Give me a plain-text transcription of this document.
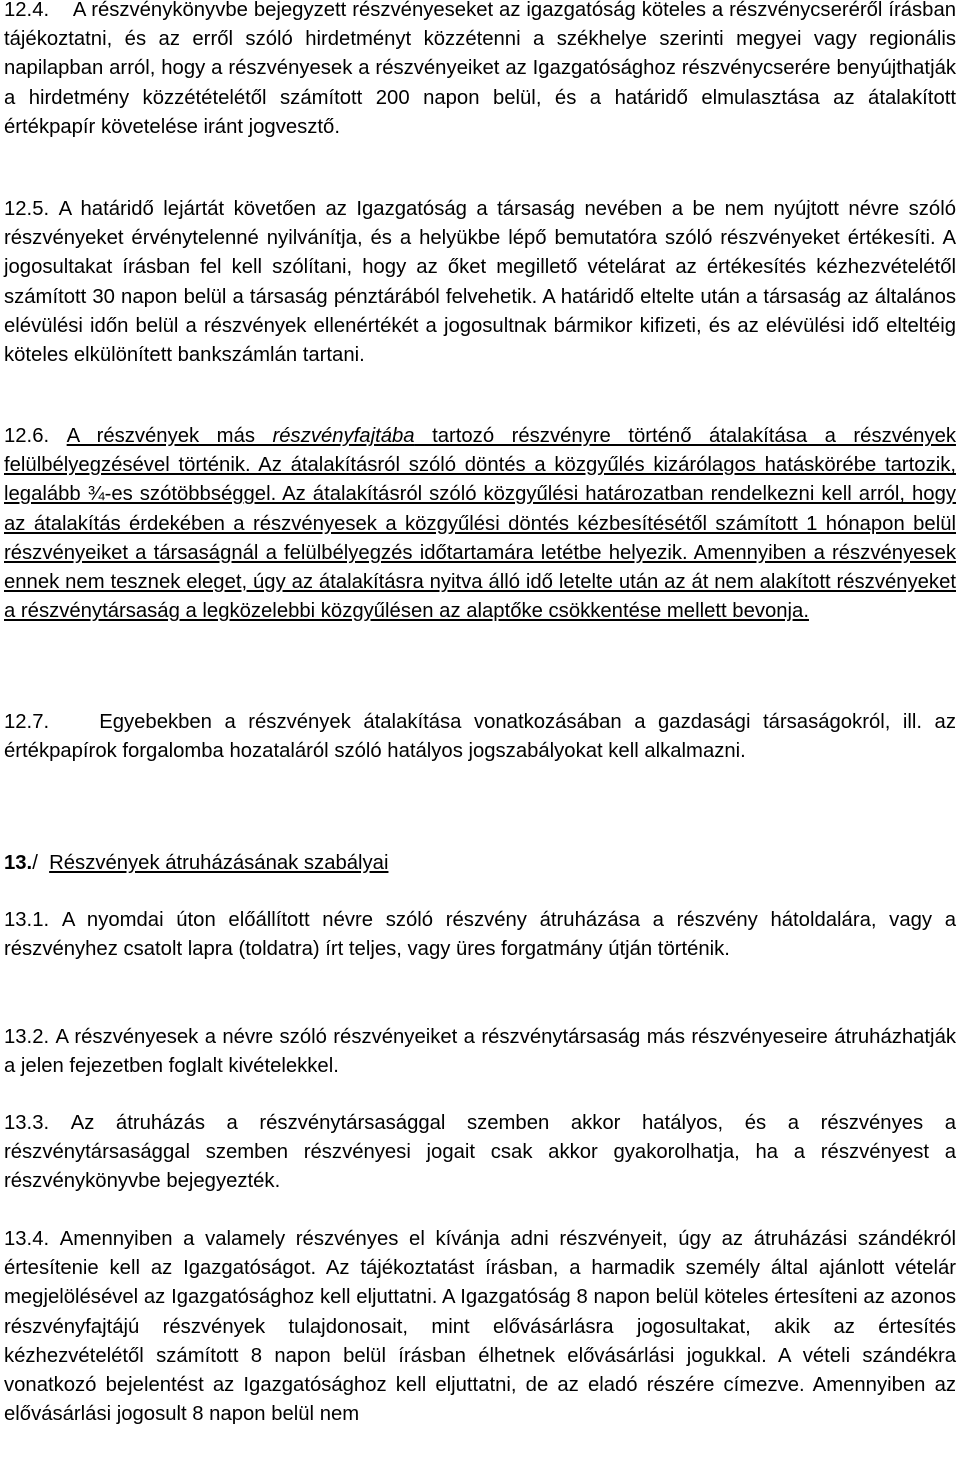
12.4. A részvénykönyvbe bejegyzett részvényeseket az igazgatóság köteles a részvénycseréről írásban tájékoztatni, és az erről szóló hirdetményt közzétenni a székhelye szerinti megyei vagy regionális napilapban arról, hogy a részvényesek a részvényeiket az Igazgatósághoz részvénycserére benyújthatják a hirdetmény közzétételétől számított 200 napon belül, és a határidő elmulasztása az átalakított értékpapír követelése iránt jogvesztő.

12.5. A határidő lejártát követően az Igazgatóság a társaság nevében a be nem nyújtott névre szóló részvényeket érvénytelenné nyilvánítja, és a helyükbe lépő bemutatóra szóló részvényeket értékesíti. A jogosultakat írásban fel kell szólítani, hogy az őket megillető vételárat az értékesítés kézhezvételétől számított 30 napon belül a társaság pénztárából felvehetik. A határidő eltelte után a társaság az általános elévülési időn belül a részvények ellenértékét a jogosultnak bármikor kifizeti, és az elévülési idő elteltéig köteles elkülönített bankszámlán tartani.

12.6. A részvények más részvényfajtába tartozó részvényre történő átalakítása a részvények felülbélyegzésével történik. Az átalakításról szóló döntés a közgyűlés kizárólagos hatáskörébe tartozik, legalább ¾-es szótöbbséggel. Az átalakításról szóló közgyűlési határozatban rendelkezni kell arról, hogy az átalakítás érdekében a részvényesek a közgyűlési döntés kézbesítésétől számított 1 hónapon belül részvényeiket a társaságnál a felülbélyegzés időtartamára letétbe helyezik. Amennyiben a részvényesek ennek nem tesznek eleget, úgy az átalakításra nyitva álló idő letelte után az át nem alakított részvényeket a részvénytársaság a legközelebbi közgyűlésen az alaptőke csökkentése mellett bevonja.

12.7. Egyebekben a részvények átalakítása vonatkozásában a gazdasági társaságokról, ill. az értékpapírok forgalomba hozataláról szóló hatályos jogszabályokat kell alkalmazni.

13./ Részvények átruházásának szabályai

13.1. A nyomdai úton előállított névre szóló részvény átruházása a részvény hátoldalára, vagy a részvényhez csatolt lapra (toldatra) írt teljes, vagy üres forgatmány útján történik.

13.2. A részvényesek a névre szóló részvényeiket a részvénytársaság más részvényeseire átruházhatják a jelen fejezetben foglalt kivételekkel.

13.3. Az átruházás a részvénytársasággal szemben akkor hatályos, és a részvényes a részvénytársasággal szemben részvényesi jogait csak akkor gyakorolhatja, ha a részvényest a részvénykönyvbe bejegyezték.

13.4. Amennyiben a valamely részvényes el kívánja adni részvényeit, úgy az átruházási szándékról értesítenie kell az Igazgatóságot. Az tájékoztatást írásban, a harmadik személy által ajánlott vételár megjelölésével az Igazgatósághoz kell eljuttatni. A Igazgatóság 8 napon belül köteles értesíteni az azonos részvényfajtájú részvények tulajdonosait, mint elővásárlásra jogosultakat, akik az értesítés kézhezvételétől számított 8 napon belül írásban élhetnek elővásárlási jogukkal. A vételi szándékra vonatkozó bejelentést az Igazgatósághoz kell eljuttatni, de az eladó részére címezve. Amennyiben az elővásárlási jogosult 8 napon belül nem
